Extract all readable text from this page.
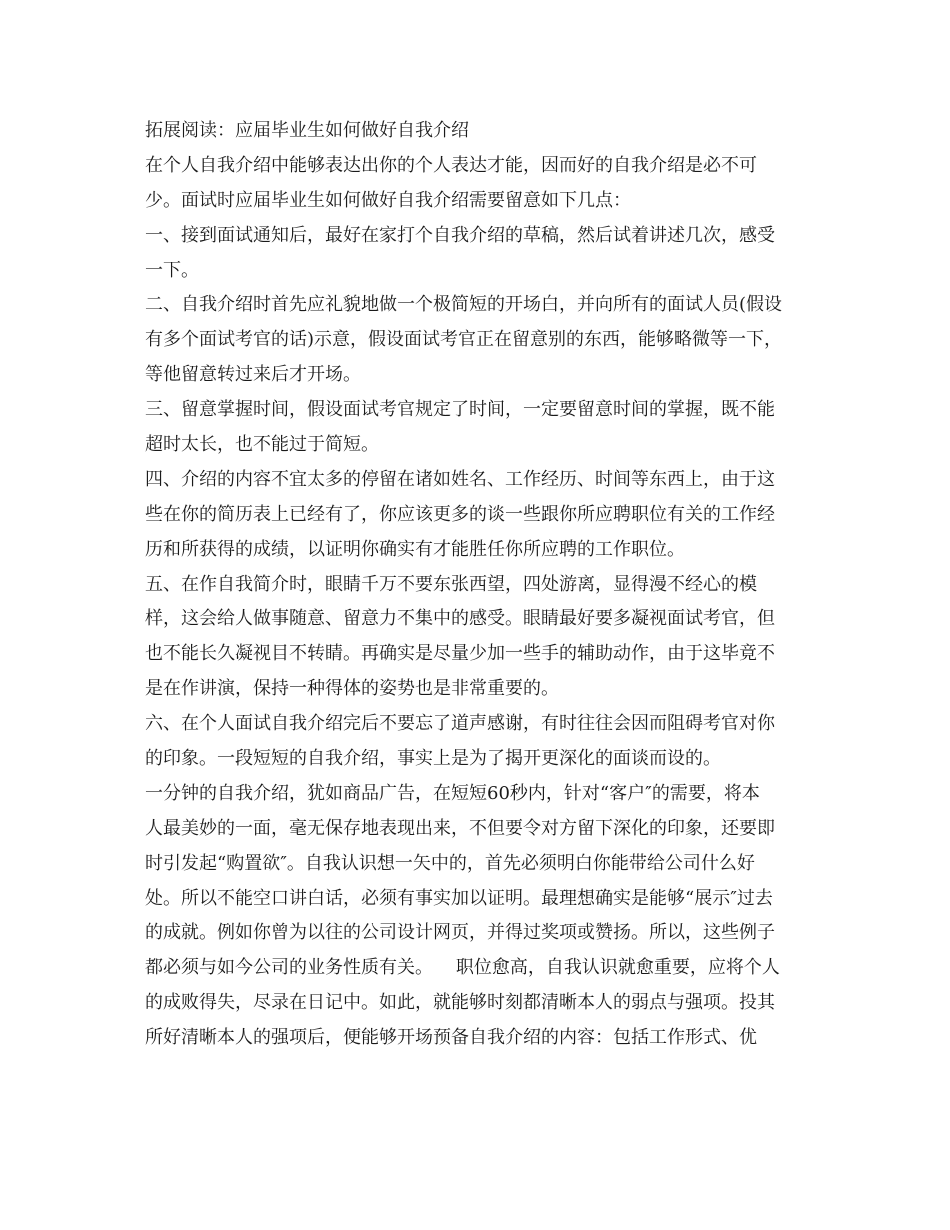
拓展阅读：应届毕业生如何做好自我介绍
在个人自我介绍中能够表达出你的个人表达才能，因而好的自我介绍是必不可
少。面试时应届毕业生如何做好自我介绍需要留意如下几点：
一、接到面试通知后，最好在家打个自我介绍的草稿，然后试着讲述几次，感受
一下。
二、自我介绍时首先应礼貌地做一个极简短的开场白，并向所有的面试人员(假设
有多个面试考官的话)示意，假设面试考官正在留意别的东西，能够略微等一下，
等他留意转过来后才开场。
三、留意掌握时间，假设面试考官规定了时间，一定要留意时间的掌握，既不能
超时太长，也不能过于简短。
四、介绍的内容不宜太多的停留在诸如姓名、工作经历、时间等东西上，由于这
些在你的简历表上已经有了，你应该更多的谈一些跟你所应聘职位有关的工作经
历和所获得的成绩，以证明你确实有才能胜任你所应聘的工作职位。
五、在作自我简介时，眼睛千万不要东张西望，四处游离，显得漫不经心的模
样，这会给人做事随意、留意力不集中的感受。眼睛最好要多凝视面试考官，但
也不能长久凝视目不转睛。再确实是尽量少加一些手的辅助动作，由于这毕竟不
是在作讲演，保持一种得体的姿势也是非常重要的。
六、在个人面试自我介绍完后不要忘了道声感谢，有时往往会因而阻碍考官对你
的印象。一段短短的自我介绍，事实上是为了揭开更深化的面谈而设的。
一分钟的自我介绍，犹如商品广告，在短短60秒内，针对“客户″的需要，将本
人最美妙的一面，毫无保存地表现出来，不但要令对方留下深化的印象，还要即
时引发起“购置欲″。自我认识想一矢中的，首先必须明白你能带给公司什么好
处。所以不能空口讲白话，必须有事实加以证明。最理想确实是能够“展示″过去
的成就。例如你曾为以往的公司设计网页，并得过奖项或赞扬。所以，这些例子
都必须与如今公司的业务性质有关。    职位愈高，自我认识就愈重要，应将个人
的成败得失，尽录在日记中。如此，就能够时刻都清晰本人的弱点与强项。投其
所好清晰本人的强项后，便能够开场预备自我介绍的内容：包括工作形式、优
